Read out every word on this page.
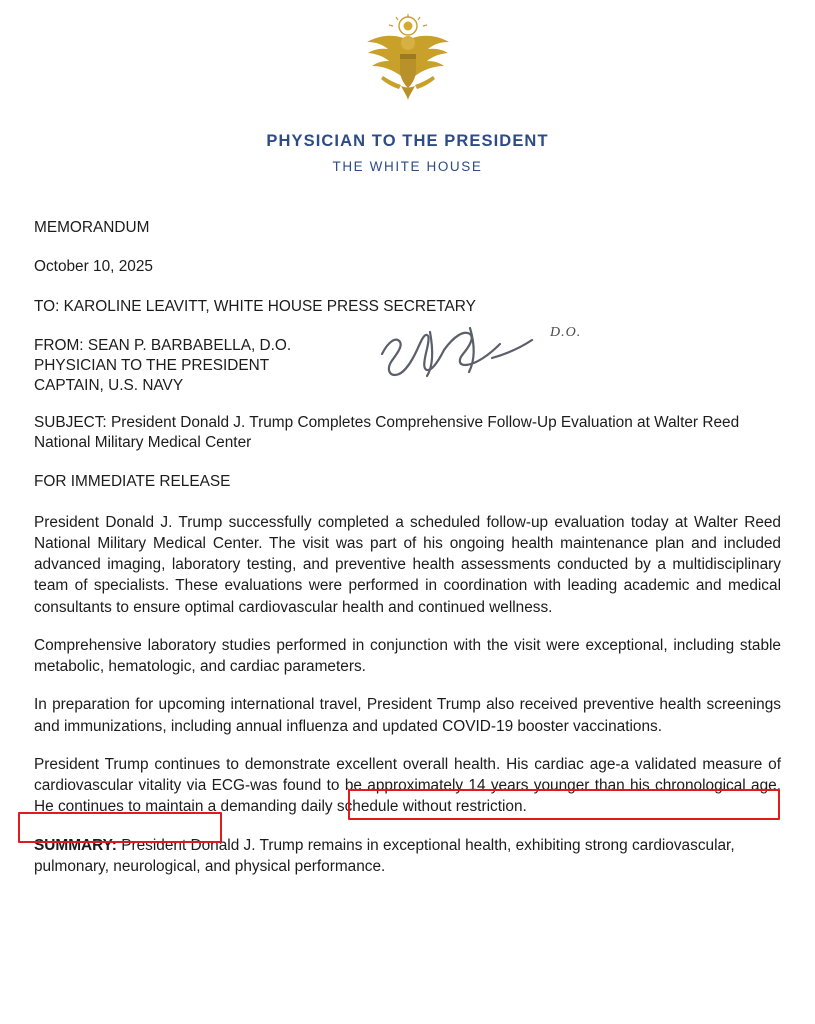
PHYSICIAN TO THE PRESIDENT
THE WHITE HOUSE

MEMORANDUM

October 10, 2025

TO: KAROLINE LEAVITT, WHITE HOUSE PRESS SECRETARY

FROM: SEAN P. BARBABELLA, D.O.
PHYSICIAN TO THE PRESIDENT
CAPTAIN, U.S. NAVY
D.O.

SUBJECT: President Donald J. Trump Completes Comprehensive Follow-Up Evaluation at Walter Reed National Military Medical Center

FOR IMMEDIATE RELEASE

President Donald J. Trump successfully completed a scheduled follow-up evaluation today at Walter Reed National Military Medical Center. The visit was part of his ongoing health maintenance plan and included advanced imaging, laboratory testing, and preventive health assessments conducted by a multidisciplinary team of specialists. These evaluations were performed in coordination with leading academic and medical consultants to ensure optimal cardiovascular health and continued wellness.

Comprehensive laboratory studies performed in conjunction with the visit were exceptional, including stable metabolic, hematologic, and cardiac parameters.

In preparation for upcoming international travel, President Trump also received preventive health screenings and immunizations, including annual influenza and updated COVID-19 booster vaccinations.

President Trump continues to demonstrate excellent overall health. His cardiac age-a validated measure of cardiovascular vitality via ECG-was found to be approximately 14 years younger than his chronological age. He continues to maintain a demanding daily schedule without restriction.

SUMMARY: President Donald J. Trump remains in exceptional health, exhibiting strong cardiovascular, pulmonary, neurological, and physical performance.
